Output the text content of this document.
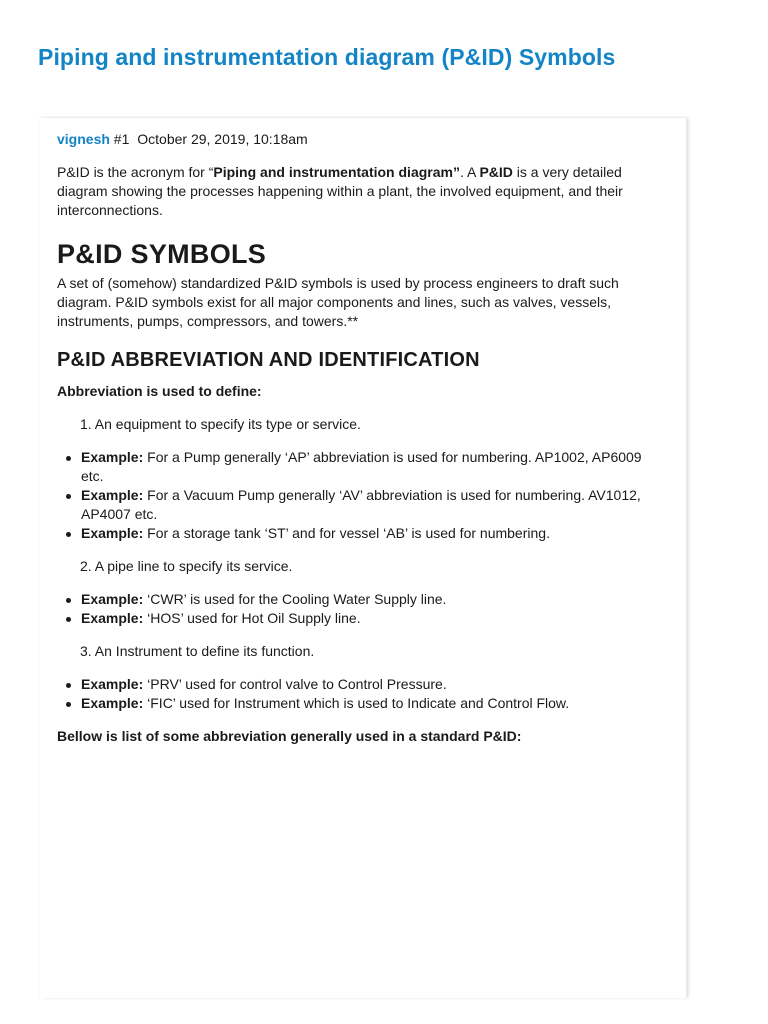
Piping and instrumentation diagram (P&ID) Symbols
vignesh #1 October 29, 2019, 10:18am

P&ID is the acronym for “Piping and instrumentation diagram”. A P&ID is a very detailed diagram showing the processes happening within a plant, the involved equipment, and their interconnections.

P&ID SYMBOLS

A set of (somehow) standardized P&ID symbols is used by process engineers to draft such diagram. P&ID symbols exist for all major components and lines, such as valves, vessels, instruments, pumps, compressors, and towers.**

P&ID ABBREVIATION AND IDENTIFICATION

Abbreviation is used to define:

1. An equipment to specify its type or service.

Example: For a Pump generally ‘AP’ abbreviation is used for numbering. AP1002, AP6009 etc.
Example: For a Vacuum Pump generally ‘AV’ abbreviation is used for numbering. AV1012, AP4007 etc.
Example: For a storage tank ‘ST’ and for vessel ‘AB’ is used for numbering.

2. A pipe line to specify its service.

Example: ‘CWR’ is used for the Cooling Water Supply line.
Example: ‘HOS’ used for Hot Oil Supply line.

3. An Instrument to define its function.

Example: ‘PRV’ used for control valve to Control Pressure.
Example: ‘FIC’ used for Instrument which is used to Indicate and Control Flow.

Bellow is list of some abbreviation generally used in a standard P&ID:
